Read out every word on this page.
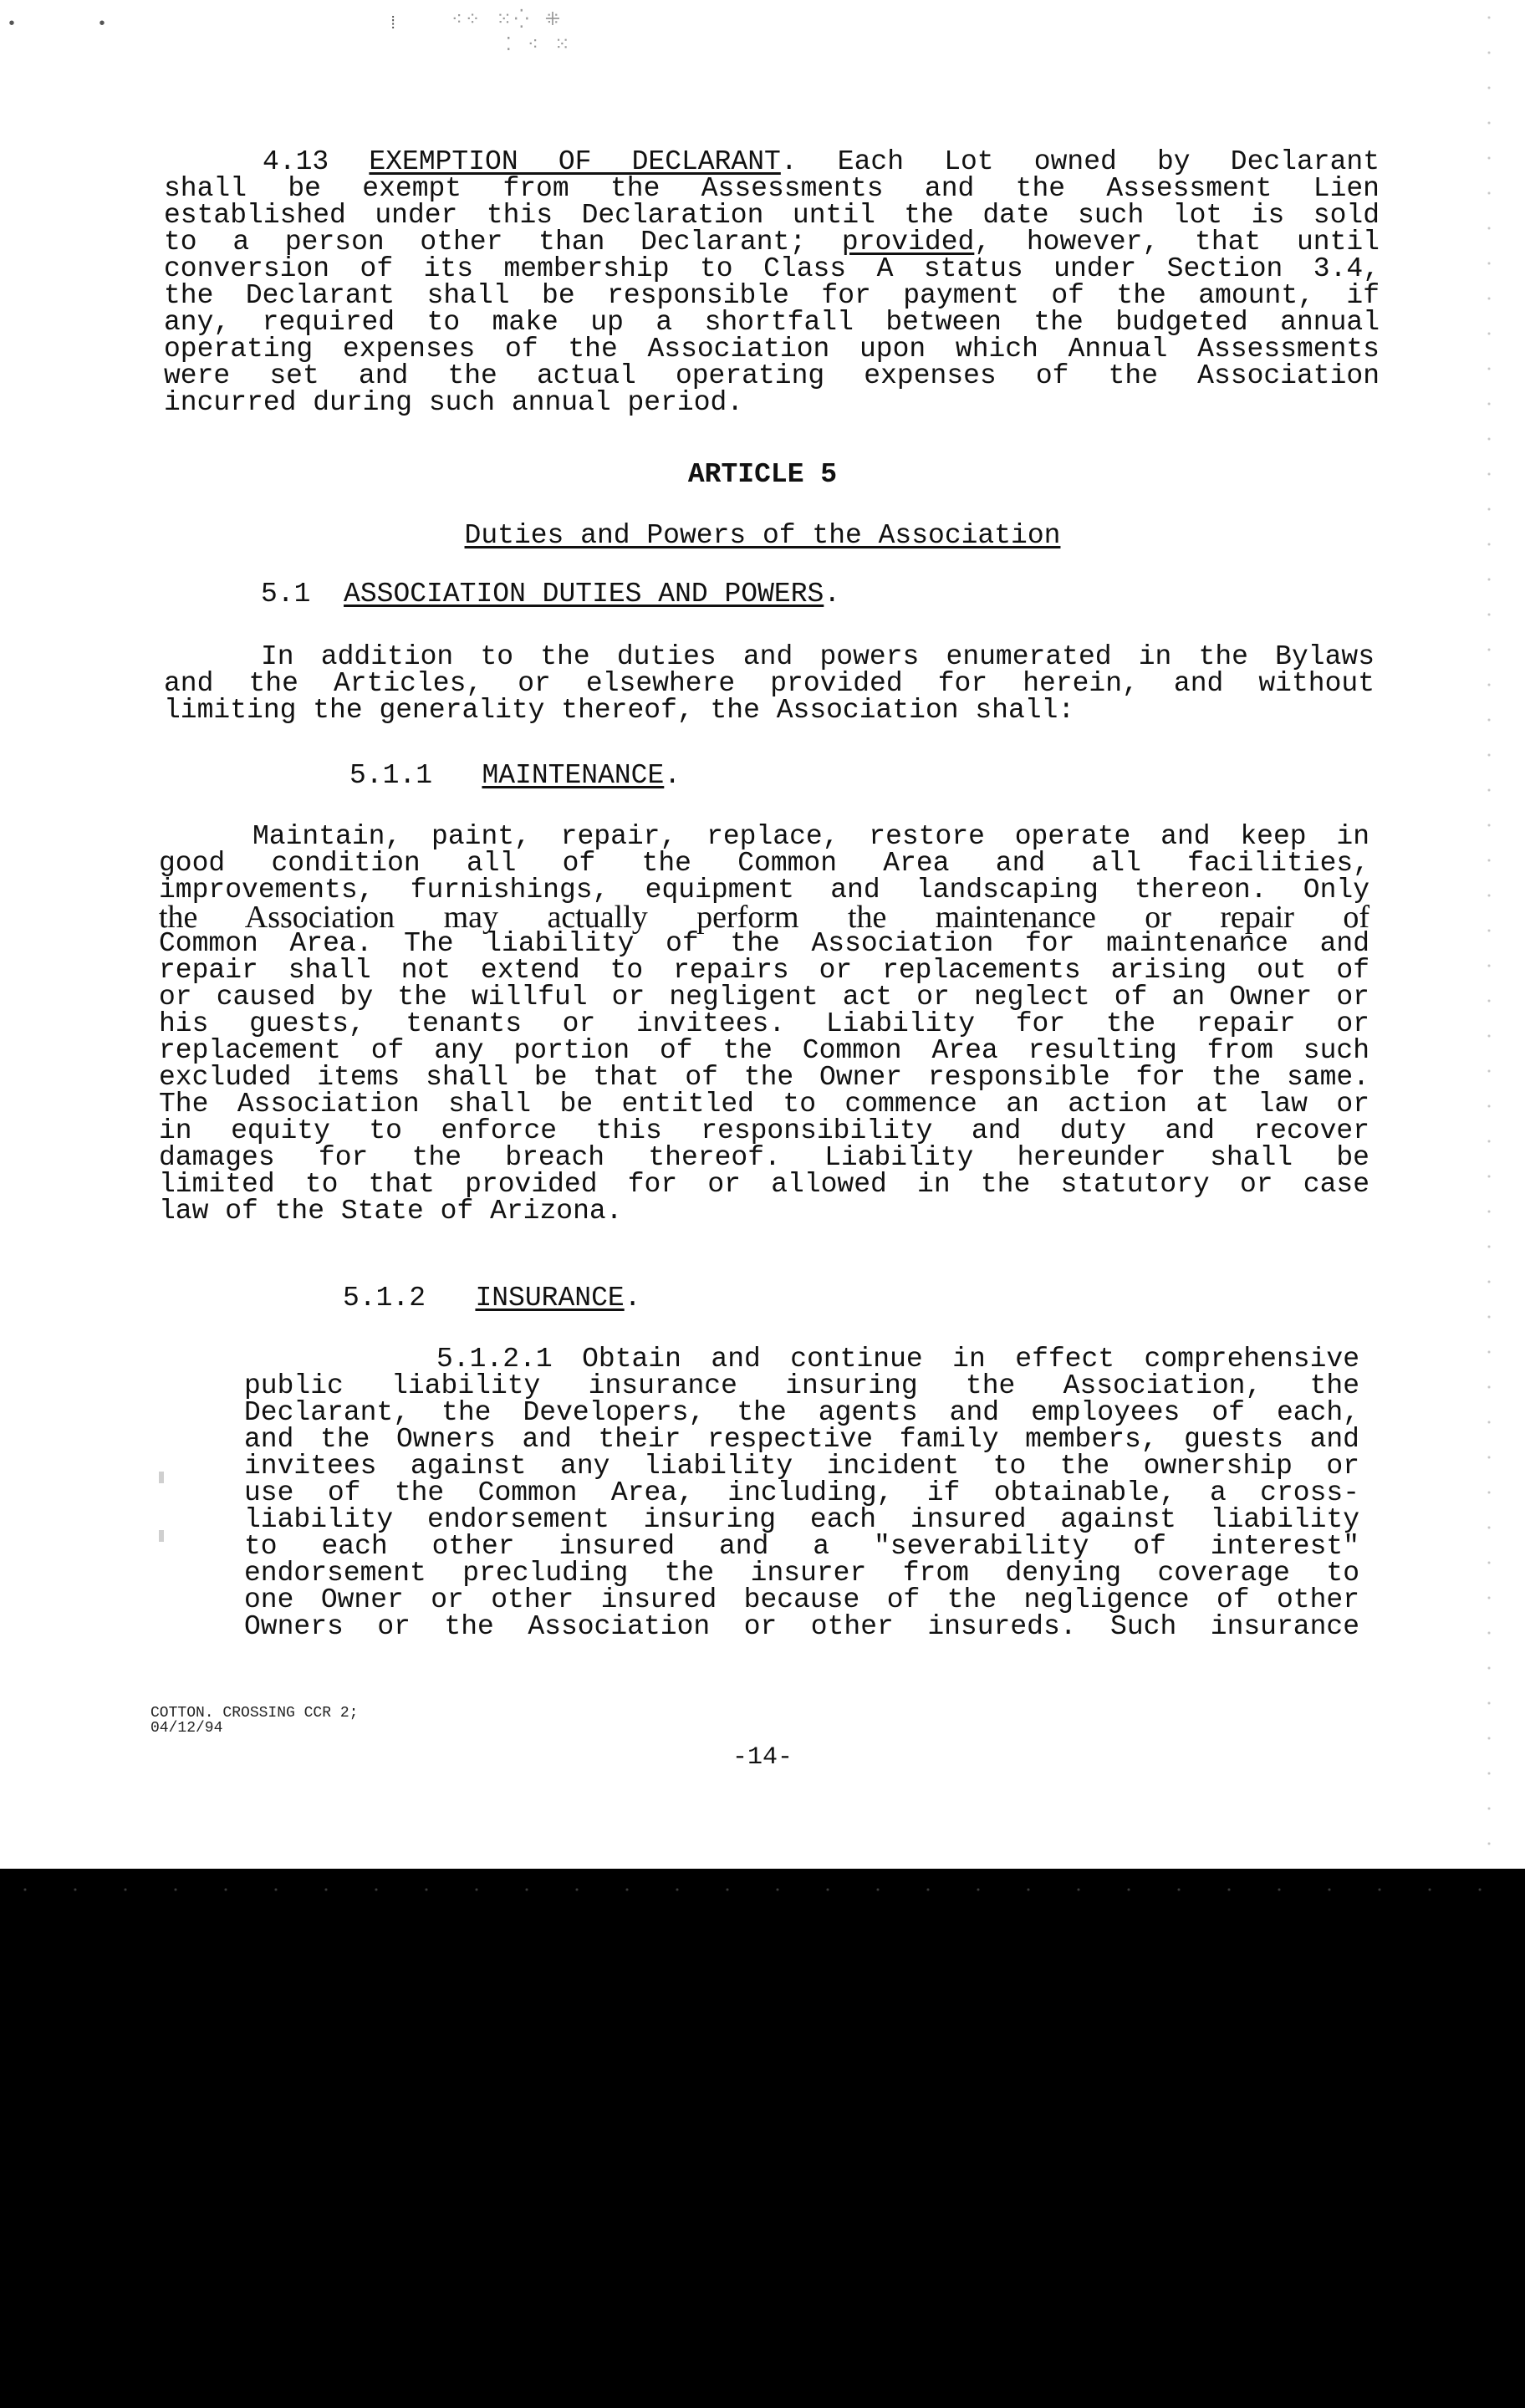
•        •                            ⁞	⁖⁘ ⁙⁛ ⁜
⁚ ⁖ ⁙
4.13 EXEMPTION OF DECLARANT. Each Lot owned by Declarant
shall be exempt from the Assessments and the Assessment Lien
established under this Declaration until the date such lot is sold
to a person other than Declarant; provided, however, that until
conversion of its membership to Class A status under Section 3.4,
the Declarant shall be responsible for payment of the amount, if
any, required to make up a shortfall between the budgeted annual
operating expenses of the Association upon which Annual Assessments
were set and the actual operating expenses of the Association
incurred during such annual period.
ARTICLE 5
Duties and Powers of the Association
5.1 ASSOCIATION DUTIES AND POWERS.
In addition to the duties and powers enumerated in the Bylaws
and the Articles, or elsewhere provided for herein, and without
limiting the generality thereof, the Association shall:
5.1.1 MAINTENANCE.
Maintain, paint, repair, replace, restore operate and keep in
good condition all of the Common Area and all facilities,
improvements, furnishings, equipment and landscaping thereon. Only
the Association may actually perform the maintenance or repair of
Common Area. The liability of the Association for maintenance and
repair shall not extend to repairs or replacements arising out of
or caused by the willful or negligent act or neglect of an Owner or
his guests, tenants or invitees. Liability for the repair or
replacement of any portion of the Common Area resulting from such
excluded items shall be that of the Owner responsible for the same.
The Association shall be entitled to commence an action at law or
in equity to enforce this responsibility and duty and recover
damages for the breach thereof. Liability hereunder shall be
limited to that provided for or allowed in the statutory or case
law of the State of Arizona.
5.1.2 INSURANCE.
5.1.2.1 Obtain and continue in effect comprehensive
public liability insurance insuring the Association, the
Declarant, the Developers, the agents and employees of each,
and the Owners and their respective family members, guests and
invitees against any liability incident to the ownership or
use of the Common Area, including, if obtainable, a cross-
liability endorsement insuring each insured against liability
to each other insured and a "severability of interest"
endorsement precluding the insurer from denying coverage to
one Owner or other insured because of the negligence of other
Owners or the Association or other insureds. Such insurance
COTTON. CROSSING CCR 2;
04/12/94
-14-
